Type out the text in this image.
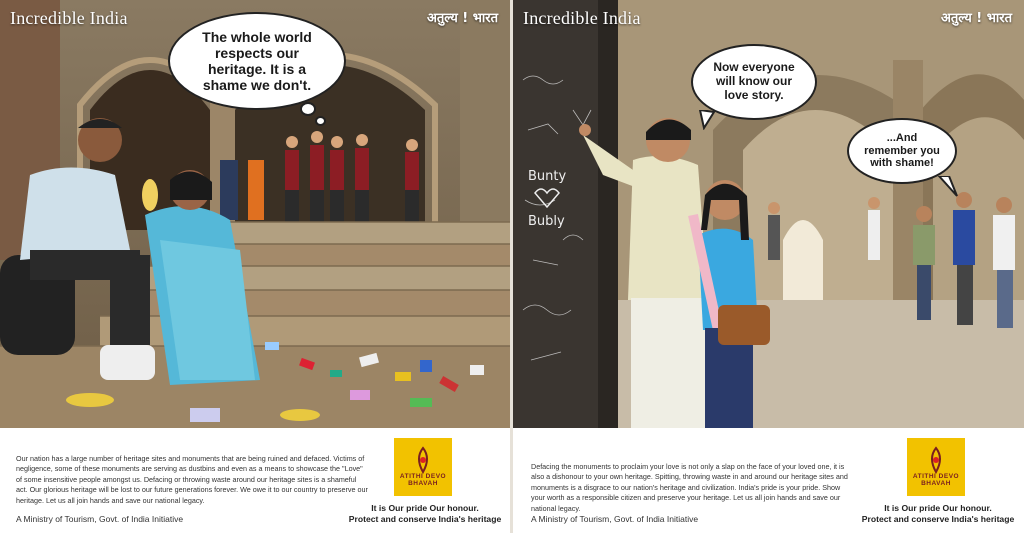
Incredible India	अतुल्य ! भारत
The whole world respects our heritage. It is a shame we don't.
Our nation has a large number of heritage sites and monuments that are being ruined and defaced. Victims of negligence, some of these monuments are serving as dustbins and even as a means to showcase the "Love" of some insensitive people amongst us. Defacing or throwing waste around our heritage sites is a shameful act. Our glorious heritage will be lost to our future generations forever. We owe it to our country to preserve our heritage. Let us all join hands and save our national legacy.
A Ministry of Tourism, Govt. of India Initiative
ATITHI DEVO BHAVAH
It is Our pride Our honour.
Protect and conserve India's heritage
Bunty
Bubly
Incredible India	अतुल्य ! भारत
Now everyone will know our love story.
...And remember you with shame!
Defacing the monuments to proclaim your love is not only a slap on the face of your loved one, it is also a dishonour to your own heritage. Spitting, throwing waste in and around our heritage sites and monuments is a disgrace to our nation's heritage and civilization. India's pride is your pride. Show your worth as a responsible citizen and preserve your heritage. Let us all join hands and save our national legacy.
A Ministry of Tourism, Govt. of India Initiative
ATITHI DEVO BHAVAH
It is Our pride Our honour.
Protect and conserve India's heritage
